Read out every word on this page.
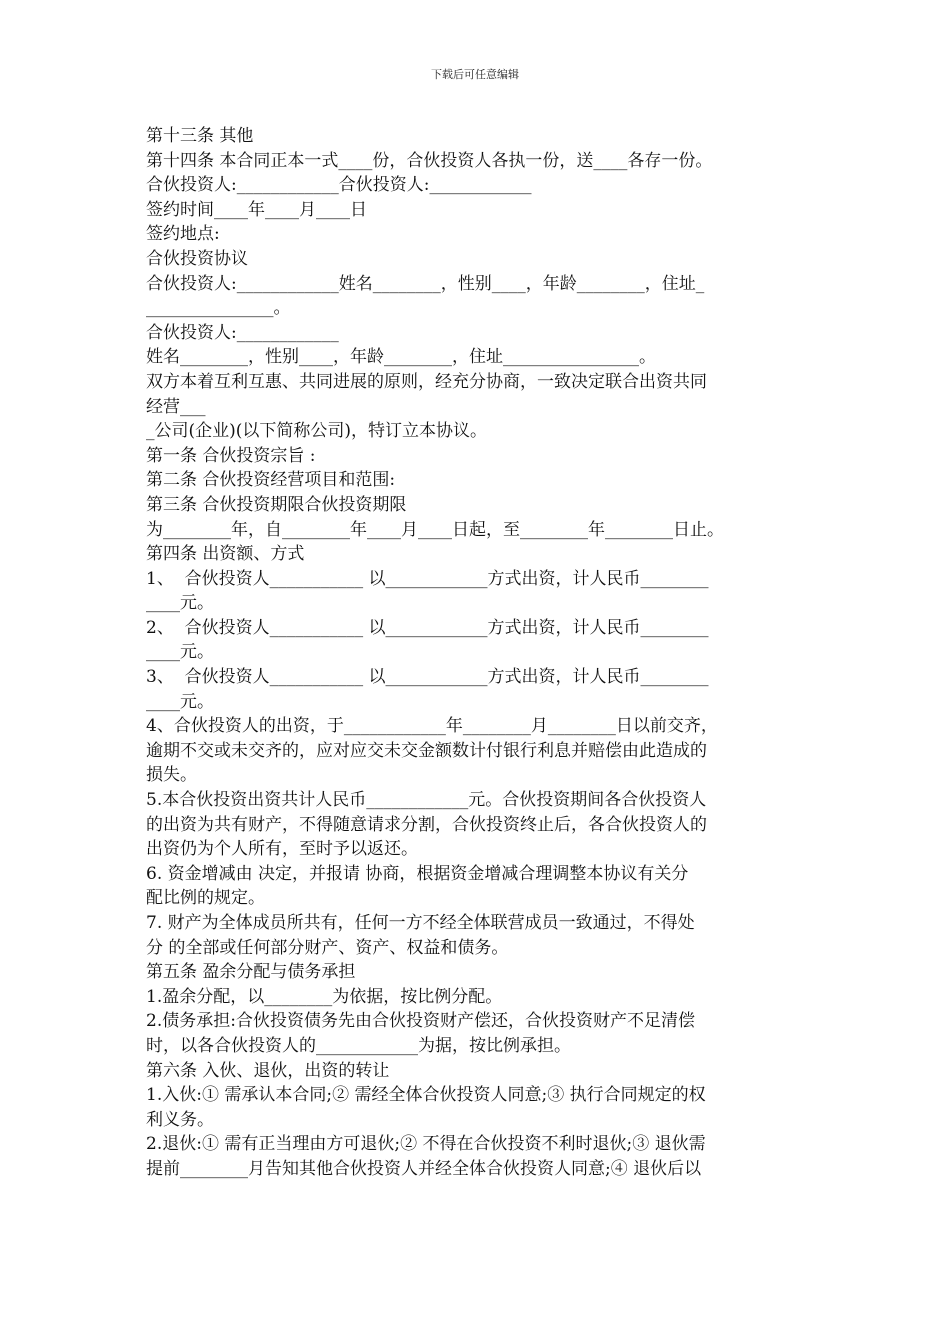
下载后可任意编辑
第十三条 其他
第十四条 本合同正本一式____份，合伙投资人各执一份，送____各存一份。
合伙投资人:____________合伙投资人:____________
签约时间____年____月____日
签约地点:
合伙投资协议
合伙投资人:____________姓名________，性别____，年龄________，住址_
_______________。
合伙投资人:____________
姓名________，性别____，年龄________，住址________________。
双方本着互利互惠、共同进展的原则，经充分协商，一致决定联合出资共同
经营___
_公司(企业)(以下简称公司)，特订立本协议。
第一条 合伙投资宗旨 :
第二条 合伙投资经营项目和范围:
第三条 合伙投资期限合伙投资期限
为________年，自________年____月____日起，至________年________日止。
第四条 出资额、方式
1、  合伙投资人___________ 以____________方式出资，计人民币________
____元。
2、  合伙投资人___________ 以____________方式出资，计人民币________
____元。
3、  合伙投资人___________ 以____________方式出资，计人民币________
____元。
4、合伙投资人的出资，于____________年________月________日以前交齐，
逾期不交或未交齐的，应对应交未交金额数计付银行利息并赔偿由此造成的
损失。
5.本合伙投资出资共计人民币____________元。合伙投资期间各合伙投资人
的出资为共有财产，不得随意请求分割，合伙投资终止后，各合伙投资人的
出资仍为个人所有，至时予以返还。
6. 资金增减由 决定，并报请 协商，根据资金增减合理调整本协议有关分
配比例的规定。
7. 财产为全体成员所共有，任何一方不经全体联营成员一致通过，不得处
分 的全部或任何部分财产、资产、权益和债务。
第五条 盈余分配与债务承担
1.盈余分配，以________为依据，按比例分配。
2.债务承担:合伙投资债务先由合伙投资财产偿还，合伙投资财产不足清偿
时，以各合伙投资人的____________为据，按比例承担。
第六条 入伙、退伙，出资的转让
1.入伙:① 需承认本合同;② 需经全体合伙投资人同意;③ 执行合同规定的权
利义务。
2.退伙:① 需有正当理由方可退伙;② 不得在合伙投资不利时退伙;③ 退伙需
提前________月告知其他合伙投资人并经全体合伙投资人同意;④ 退伙后以
